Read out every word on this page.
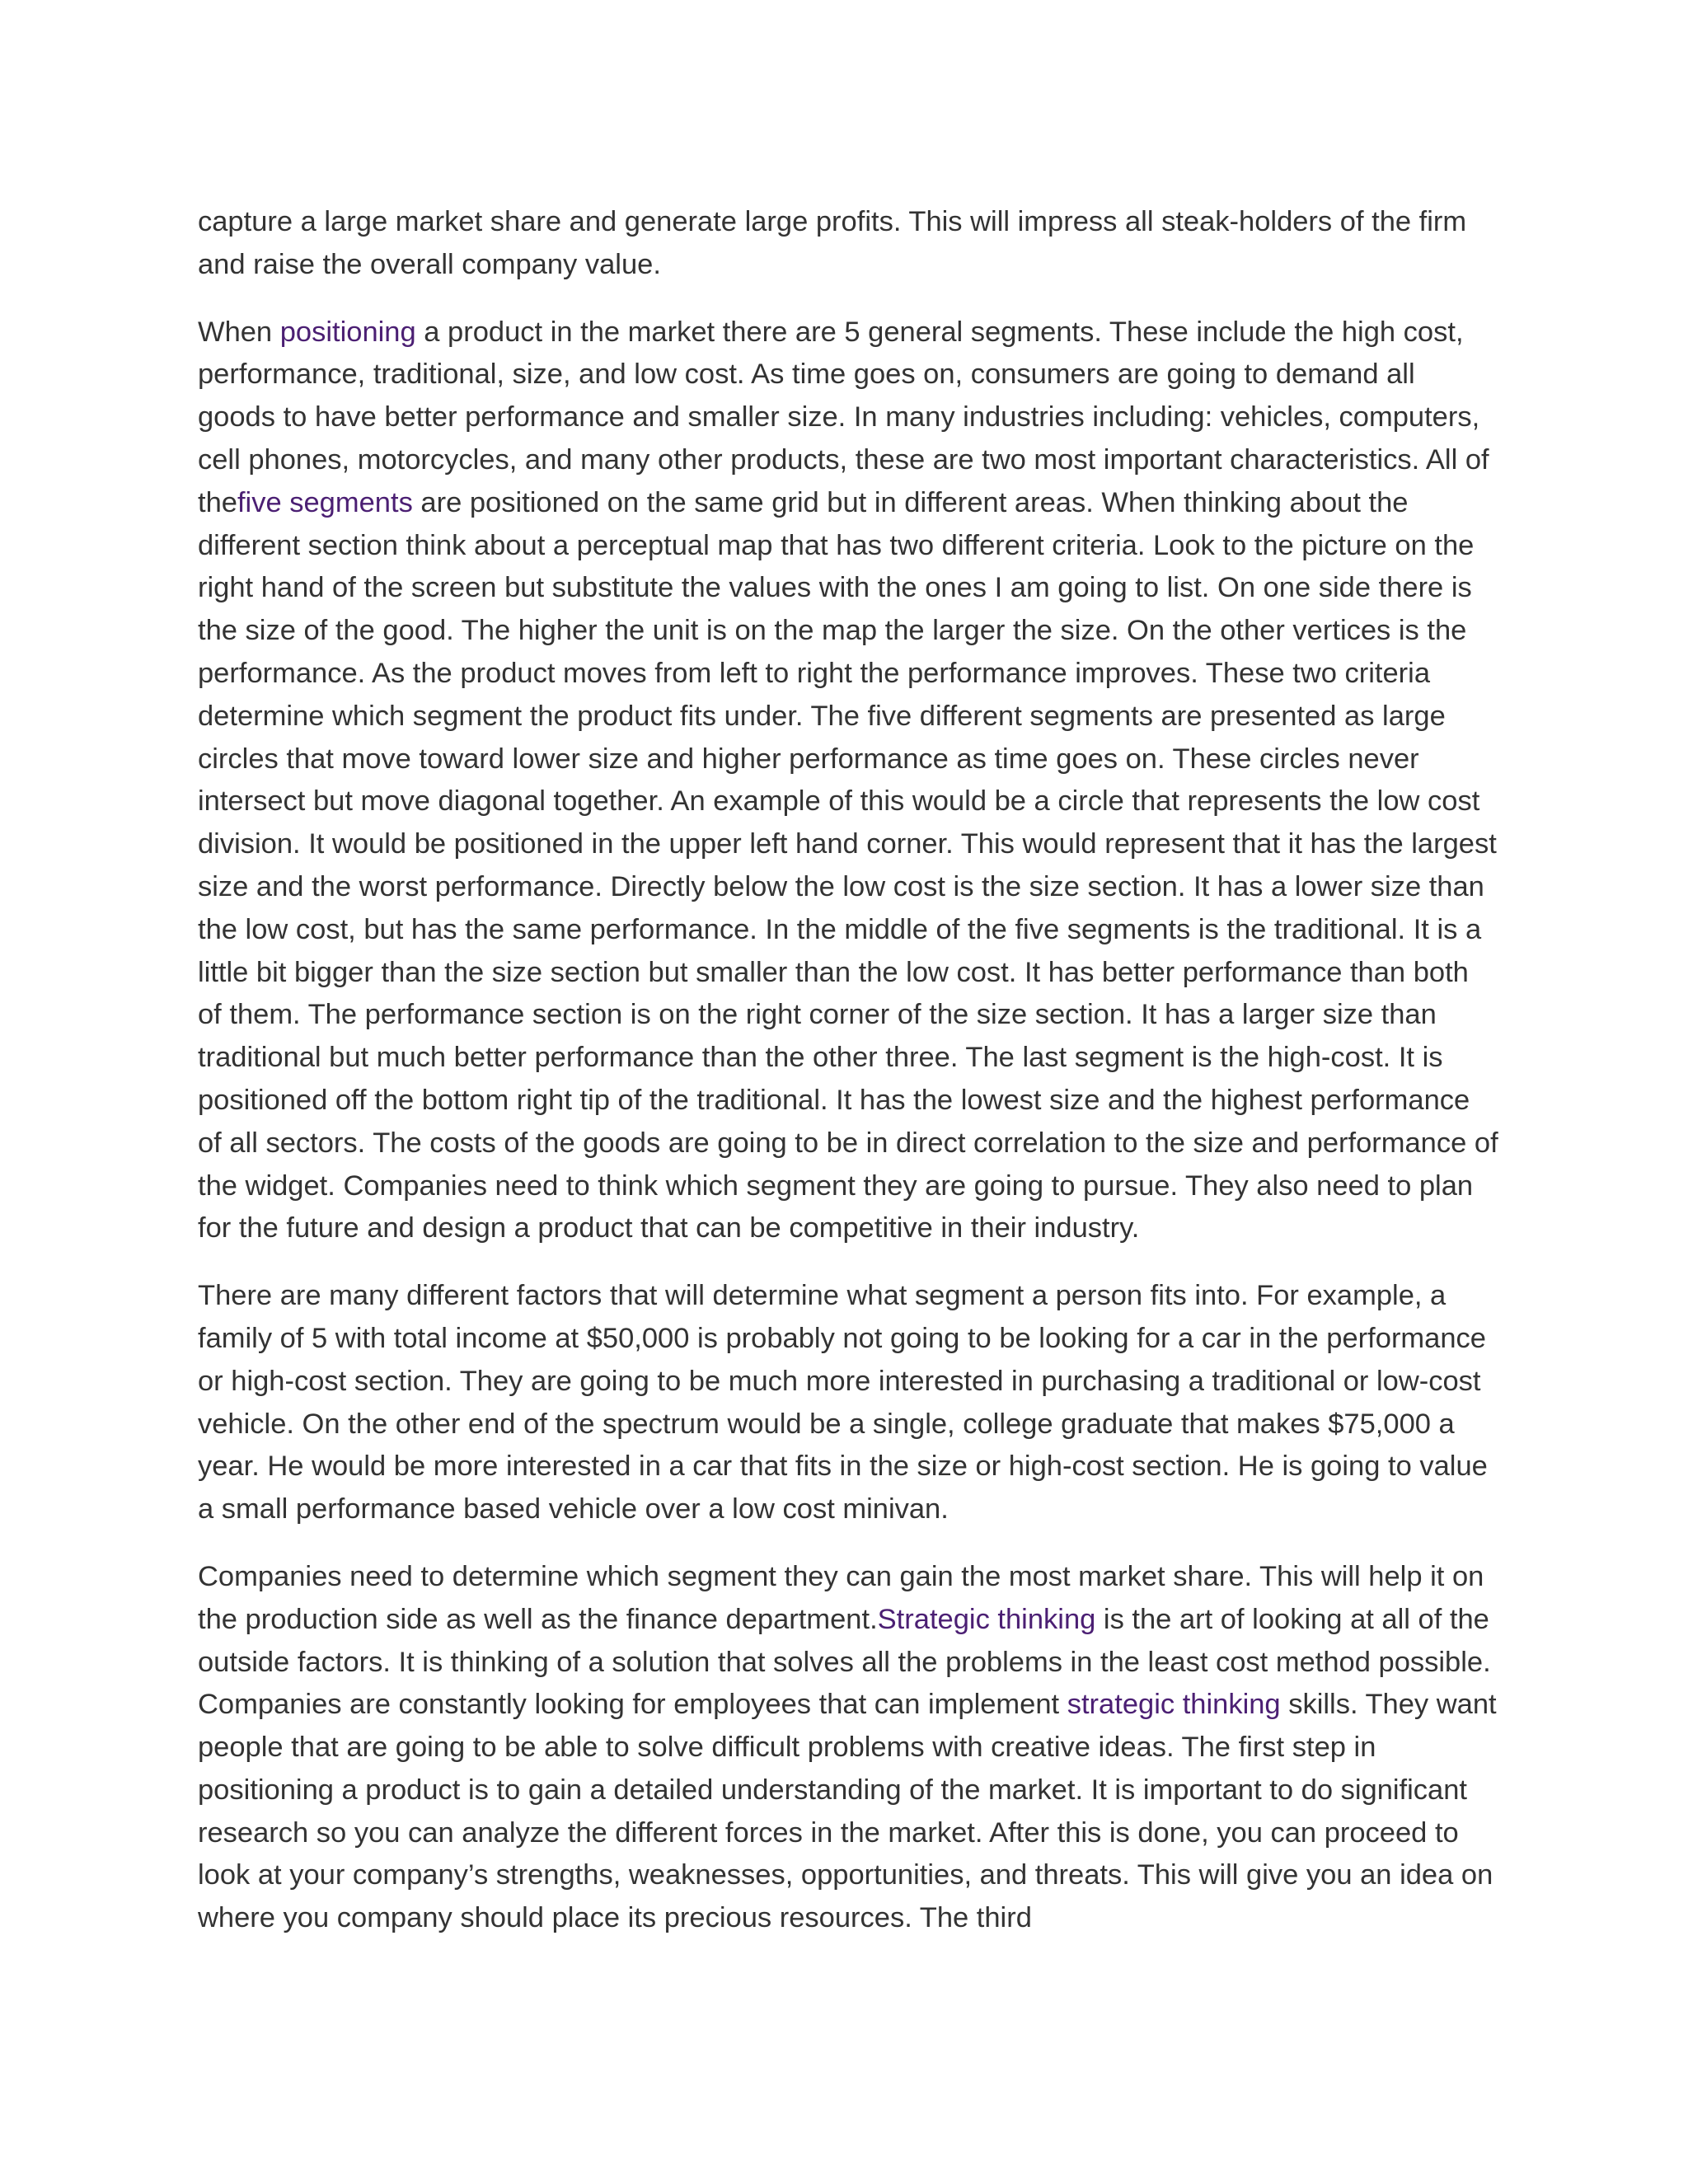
capture a large market share and generate large profits. This will impress all steak-holders of the firm and raise the overall company value.

When positioning a product in the market there are 5 general segments. These include the high cost, performance, traditional, size, and low cost. As time goes on, consumers are going to demand all goods to have better performance and smaller size. In many industries including: vehicles, computers, cell phones, motorcycles, and many other products, these are two most important characteristics. All of thefive segments are positioned on the same grid but in different areas. When thinking about the different section think about a perceptual map that has two different criteria. Look to the picture on the right hand of the screen but substitute the values with the ones I am going to list. On one side there is the size of the good. The higher the unit is on the map the larger the size. On the other vertices is the performance. As the product moves from left to right the performance improves. These two criteria determine which segment the product fits under. The five different segments are presented as large circles that move toward lower size and higher performance as time goes on. These circles never intersect but move diagonal together. An example of this would be a circle that represents the low cost division. It would be positioned in the upper left hand corner. This would represent that it has the largest size and the worst performance. Directly below the low cost is the size section. It has a lower size than the low cost, but has the same performance. In the middle of the five segments is the traditional. It is a little bit bigger than the size section but smaller than the low cost. It has better performance than both of them. The performance section is on the right corner of the size section. It has a larger size than traditional but much better performance than the other three. The last segment is the high-cost. It is positioned off the bottom right tip of the traditional. It has the lowest size and the highest performance of all sectors. The costs of the goods are going to be in direct correlation to the size and performance of the widget. Companies need to think which segment they are going to pursue. They also need to plan for the future and design a product that can be competitive in their industry.

There are many different factors that will determine what segment a person fits into. For example, a family of 5 with total income at $50,000 is probably not going to be looking for a car in the performance or high-cost section. They are going to be much more interested in purchasing a traditional or low-cost vehicle. On the other end of the spectrum would be a single, college graduate that makes $75,000 a year. He would be more interested in a car that fits in the size or high-cost section. He is going to value a small performance based vehicle over a low cost minivan.

Companies need to determine which segment they can gain the most market share. This will help it on the production side as well as the finance department.Strategic thinking is the art of looking at all of the outside factors. It is thinking of a solution that solves all the problems in the least cost method possible. Companies are constantly looking for employees that can implement strategic thinking skills. They want people that are going to be able to solve difficult problems with creative ideas. The first step in positioning a product is to gain a detailed understanding of the market. It is important to do significant research so you can analyze the different forces in the market. After this is done, you can proceed to look at your company’s strengths, weaknesses, opportunities, and threats. This will give you an idea on where you company should place its precious resources. The third
